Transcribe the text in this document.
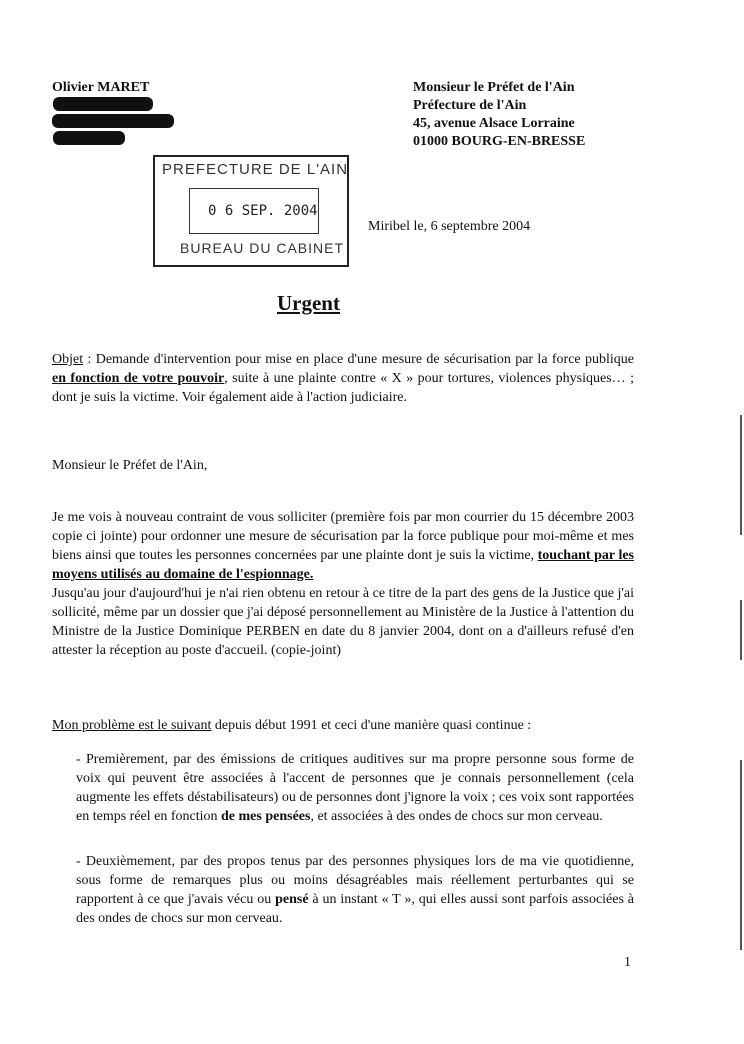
Olivier MARET	Monsieur le Préfet de l'Ain
Préfecture de l'Ain
45, avenue Alsace Lorraine
01000 BOURG-EN-BRESSE
PREFECTURE DE L'AIN
0 6 SEP. 2004
BUREAU DU CABINET
Miribel le, 6 septembre 2004
Urgent
Objet : Demande d'intervention pour mise en place d'une mesure de sécurisation par la force publique en fonction de votre pouvoir, suite à une plainte contre « X » pour tortures, violences physiques… ; dont je suis la victime. Voir également aide à l'action judiciaire.
Monsieur le Préfet de l'Ain,
Je me vois à nouveau contraint de vous solliciter (première fois par mon courrier du 15 décembre 2003 copie ci jointe) pour ordonner une mesure de sécurisation par la force publique pour moi-même et mes biens ainsi que toutes les personnes concernées par une plainte dont je suis la victime, touchant par les moyens utilisés au domaine de l'espionnage.
Jusqu'au jour d'aujourd'hui je n'ai rien obtenu en retour à ce titre de la part des gens de la Justice que j'ai sollicité, même par un dossier que j'ai déposé personnellement au Ministère de la Justice à l'attention du Ministre de la Justice Dominique PERBEN en date du 8 janvier 2004, dont on a d'ailleurs refusé d'en attester la réception au poste d'accueil. (copie-joint)
Mon problème est le suivant depuis début 1991 et ceci d'une manière quasi continue :
- Premièrement, par des émissions de critiques auditives sur ma propre personne sous forme de voix qui peuvent être associées à l'accent de personnes que je connais personnellement (cela augmente les effets déstabilisateurs) ou de personnes dont j'ignore la voix ; ces voix sont rapportées en temps réel en fonction de mes pensées, et associées à des ondes de chocs sur mon cerveau.
- Deuxièmement, par des propos tenus par des personnes physiques lors de ma vie quotidienne, sous forme de remarques plus ou moins désagréables mais réellement perturbantes qui se rapportent à ce que j'avais vécu ou pensé à un instant « T », qui elles aussi sont parfois associées à des ondes de chocs sur mon cerveau.
1
